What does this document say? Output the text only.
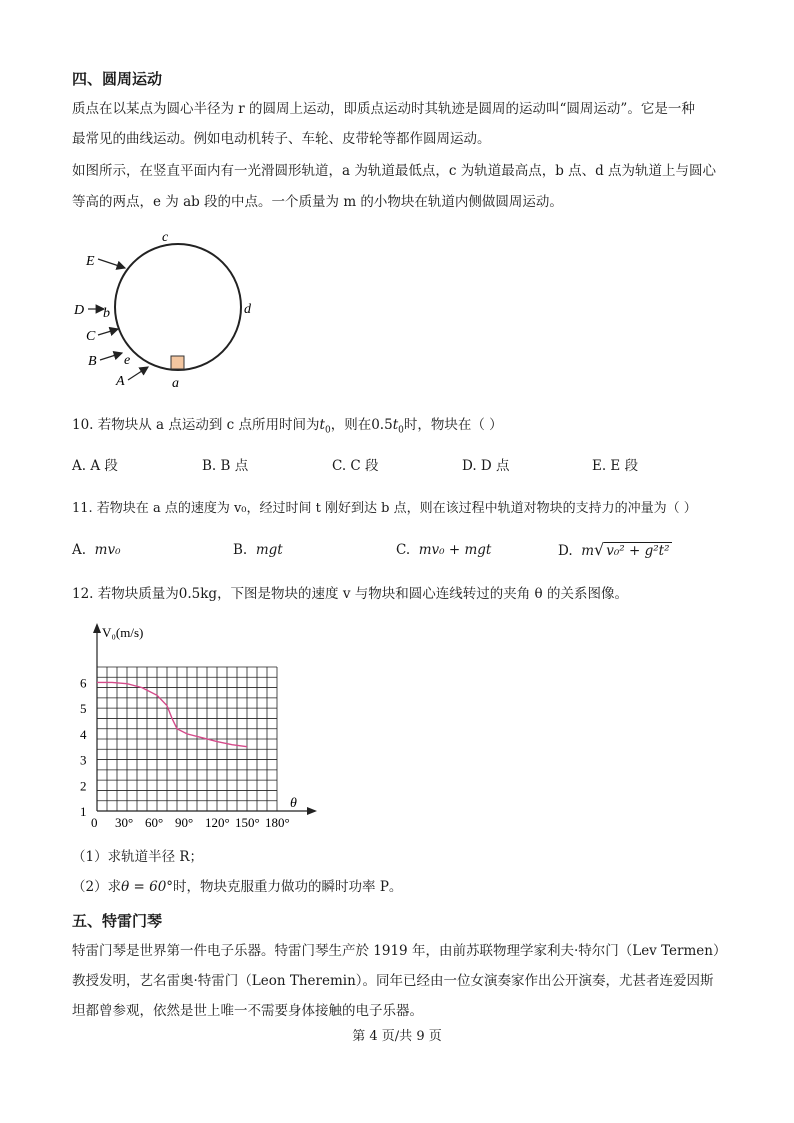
四、圆周运动
质点在以某点为圆心半径为 r 的圆周上运动，即质点运动时其轨迹是圆周的运动叫“圆周运动”。它是一种
最常见的曲线运动。例如电动机转子、车轮、皮带轮等都作圆周运动。
如图所示，在竖直平面内有一光滑圆形轨道，a 为轨道最低点，c 为轨道最高点，b 点、d 点为轨道上与圆心
等高的两点，e 为 ab 段的中点。一个质量为 m 的小物块在轨道内侧做圆周运动。
c
d
a
b
e
E
D
C
B
A
10. 若物块从 a 点运动到 c 点所用时间为$t_0$，则在$0.5t_0$时，物块在（ ）
A. A 段	B. B 点	C. C 段	D. D 点	E. E 段
11. 若物块在 a 点的速度为 v₀，经过时间 t 刚好到达 b 点，则在该过程中轨道对物块的支持力的冲量为（ ）
A. mv₀	B. mgt	C. mv₀ + mgt	D. m√ v₀² + g²t²
12. 若物块质量为0.5kg，下图是物块的速度 v 与物块和圆心连线转过的夹角 θ 的关系图像。
1
2
3
4
5
6
0 30° 60° 90° 120° 150° 180°
V₀(m/s)
θ
（1）求轨道半径 R；
（2）求θ = 60°时，物块克服重力做功的瞬时功率 P。
五、特雷门琴
特雷门琴是世界第一件电子乐器。特雷门琴生产於 1919 年，由前苏联物理学家利夫·特尔门（Lev Termen）
教授发明，艺名雷奥·特雷门（Leon Theremin）。同年已经由一位女演奏家作出公开演奏，尤甚者连爱因斯
坦都曾参观，依然是世上唯一不需要身体接触的电子乐器。
第 4 页/共 9 页
